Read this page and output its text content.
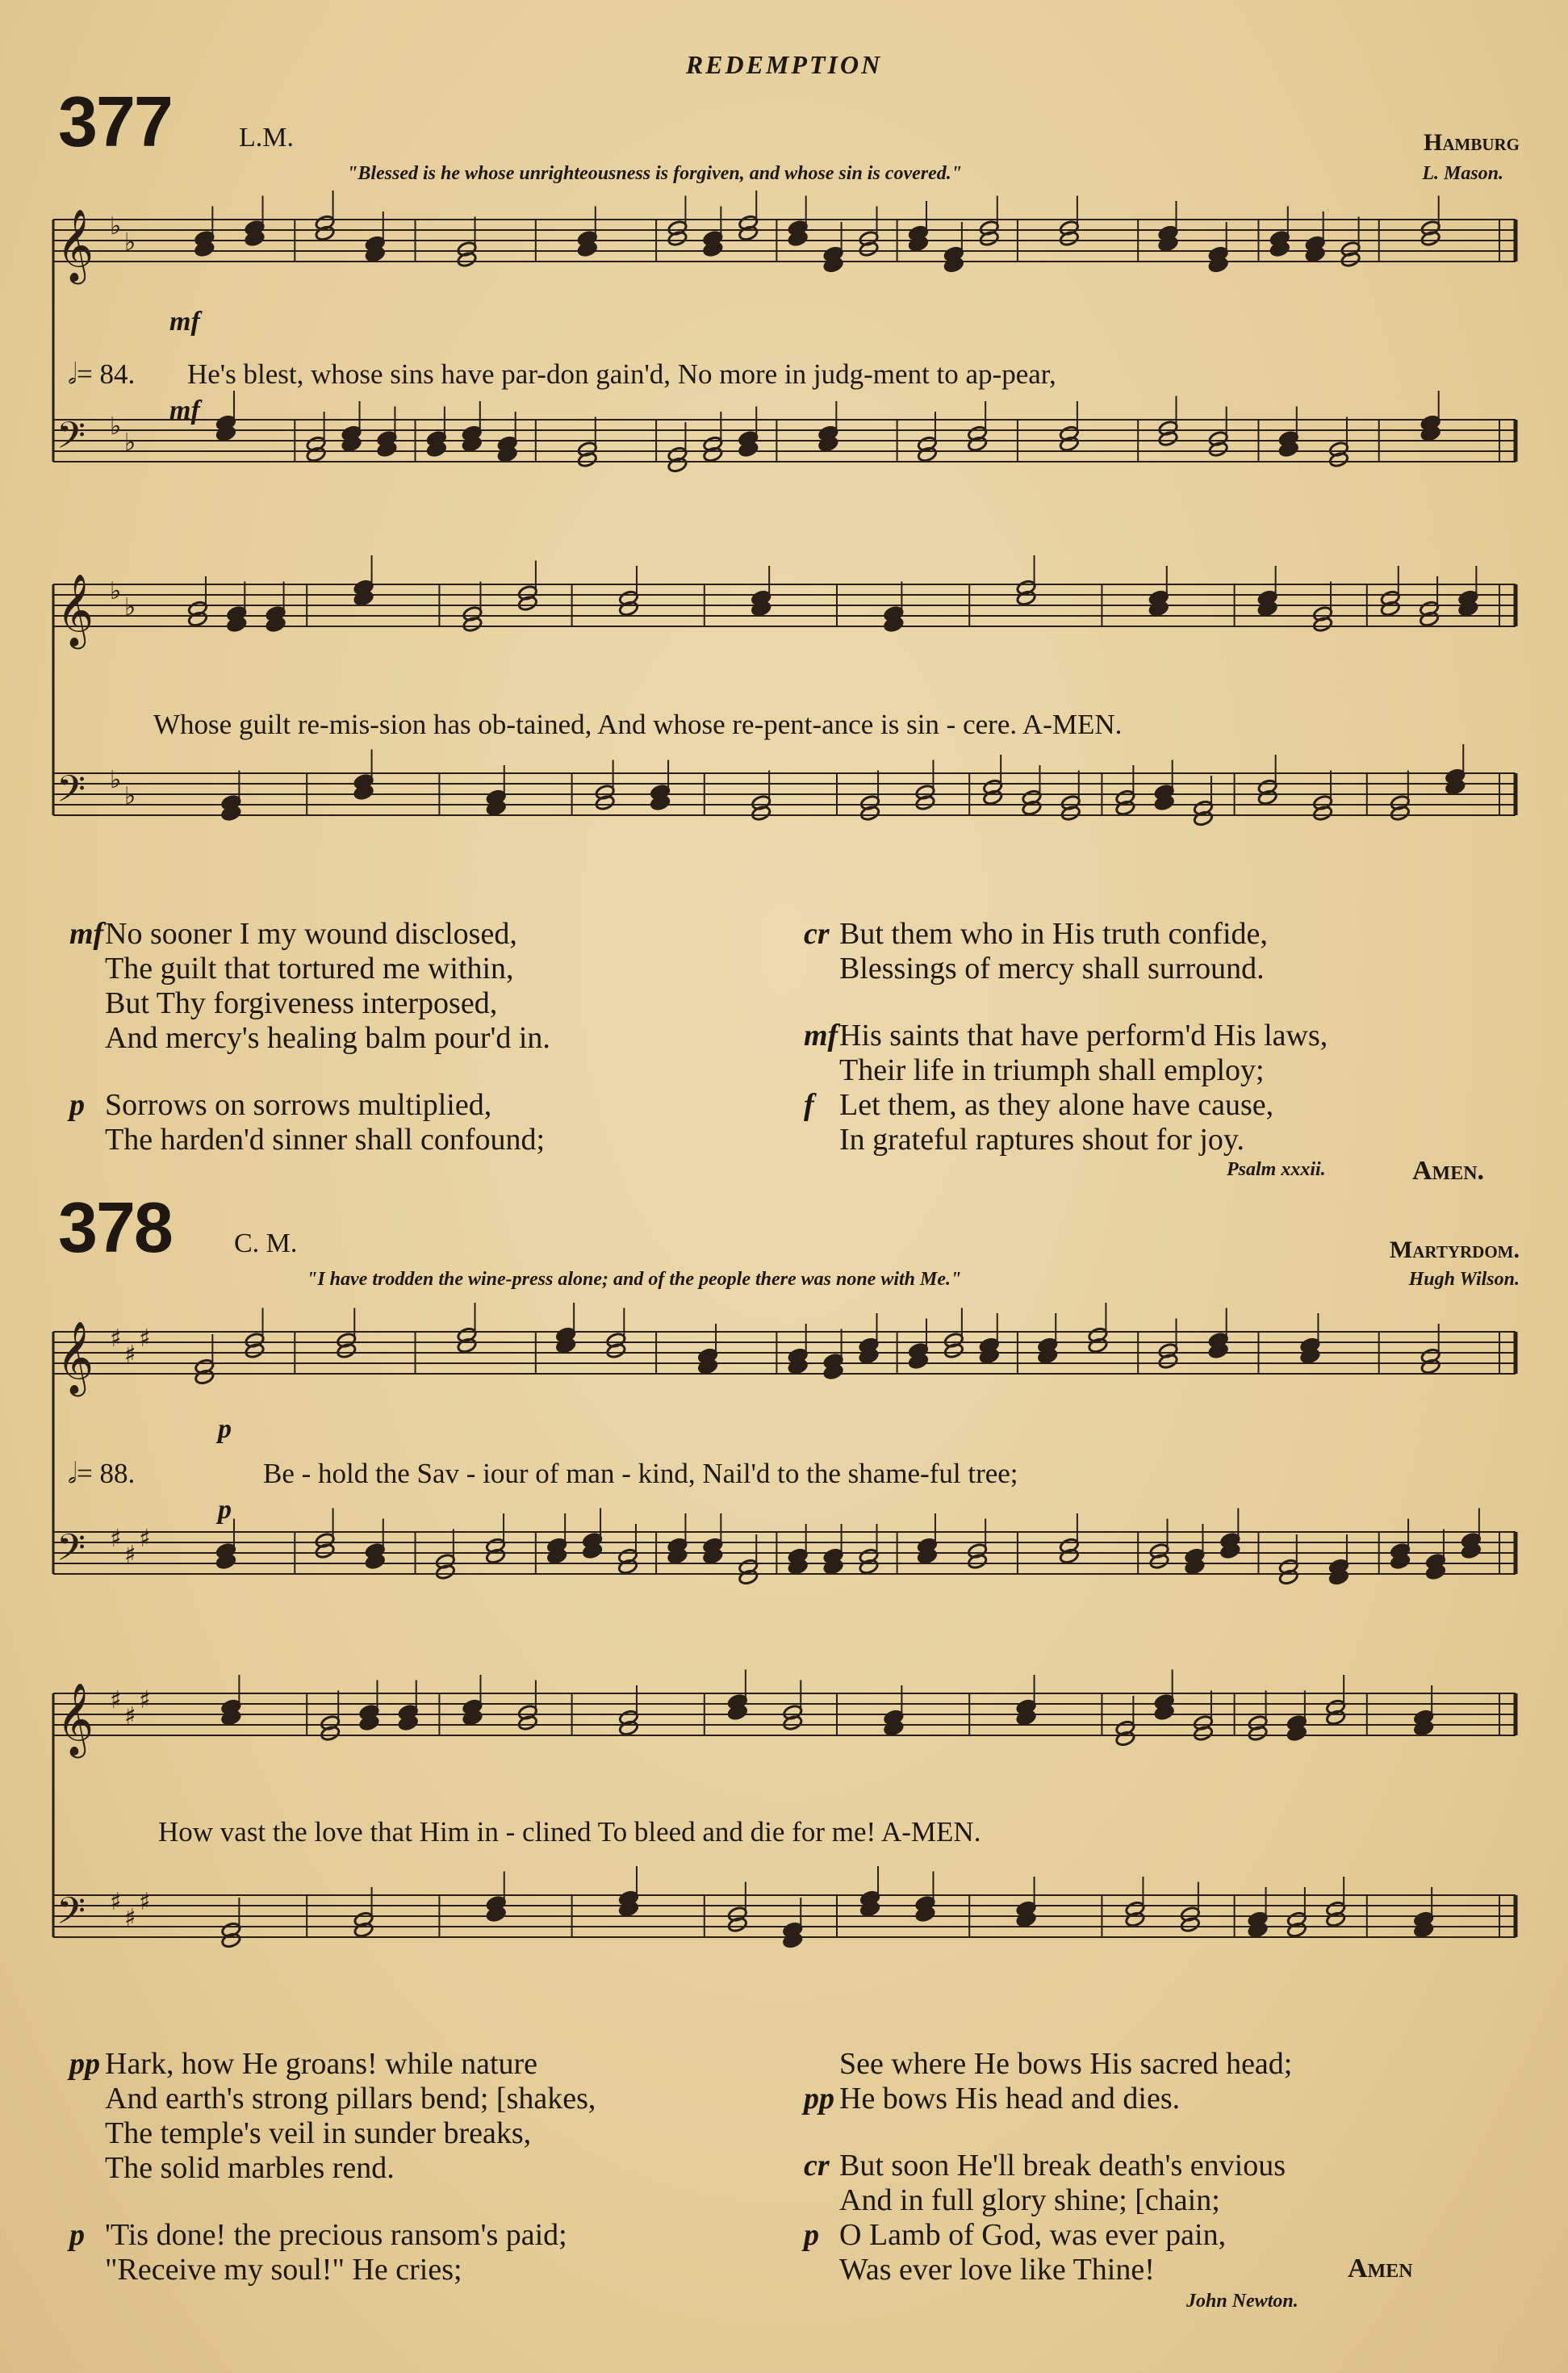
REDEMPTION
377 L.M.	Hamburg
"Blessed is he whose unrighteousness is forgiven, and whose sin is covered."	L. Mason.
mf
𝅗𝅥= 84.
mf
He's blest, whose sins have par-don gain'd, No more in judg-ment to ap-pear,
Whose guilt re-mis-sion has ob-tained, And whose re-pent-ance is sin - cere. A-MEN.
𝄞 ♭
♭
𝄢 ♭
♭
𝄞 ♭
♭
𝄢 ♭
♭
𝄞 ♯
♯
♯
𝄢 ♯
♯
♯
𝄞 ♯
♯
♯
𝄢 ♯
♯
♯
mfNo sooner I my wound disclosed,
The guilt that tortured me within,
But Thy forgiveness interposed,
And mercy's healing balm pour'd in.
p Sorrows on sorrows multiplied,
The harden'd sinner shall confound;
cr But them who in His truth confide,
Blessings of mercy shall surround.
mfHis saints that have perform'd His laws,
Their life in triumph shall employ;
f Let them, as they alone have cause,
In grateful raptures shout for joy.
Psalm xxxii.	Amen.
378 C. M.	Martyrdom.
"I have trodden the wine-press alone; and of the people there was none with Me."	Hugh Wilson.
p
𝅗𝅥= 88.
p
Be - hold the Sav - iour of man - kind, Nail'd to the shame-ful tree;
How vast the love that Him in - clined To bleed and die for me! A-MEN.
pp Hark, how He groans! while nature
And earth's strong pillars bend; [shakes,
The temple's veil in sunder breaks,
The solid marbles rend.
p 'Tis done! the precious ransom's paid;
"Receive my soul!" He cries;
See where He bows His sacred head;
pp He bows His head and dies.
cr But soon He'll break death's envious
And in full glory shine; [chain;
p O Lamb of God, was ever pain,
Was ever love like Thine!	Amen
John Newton.
